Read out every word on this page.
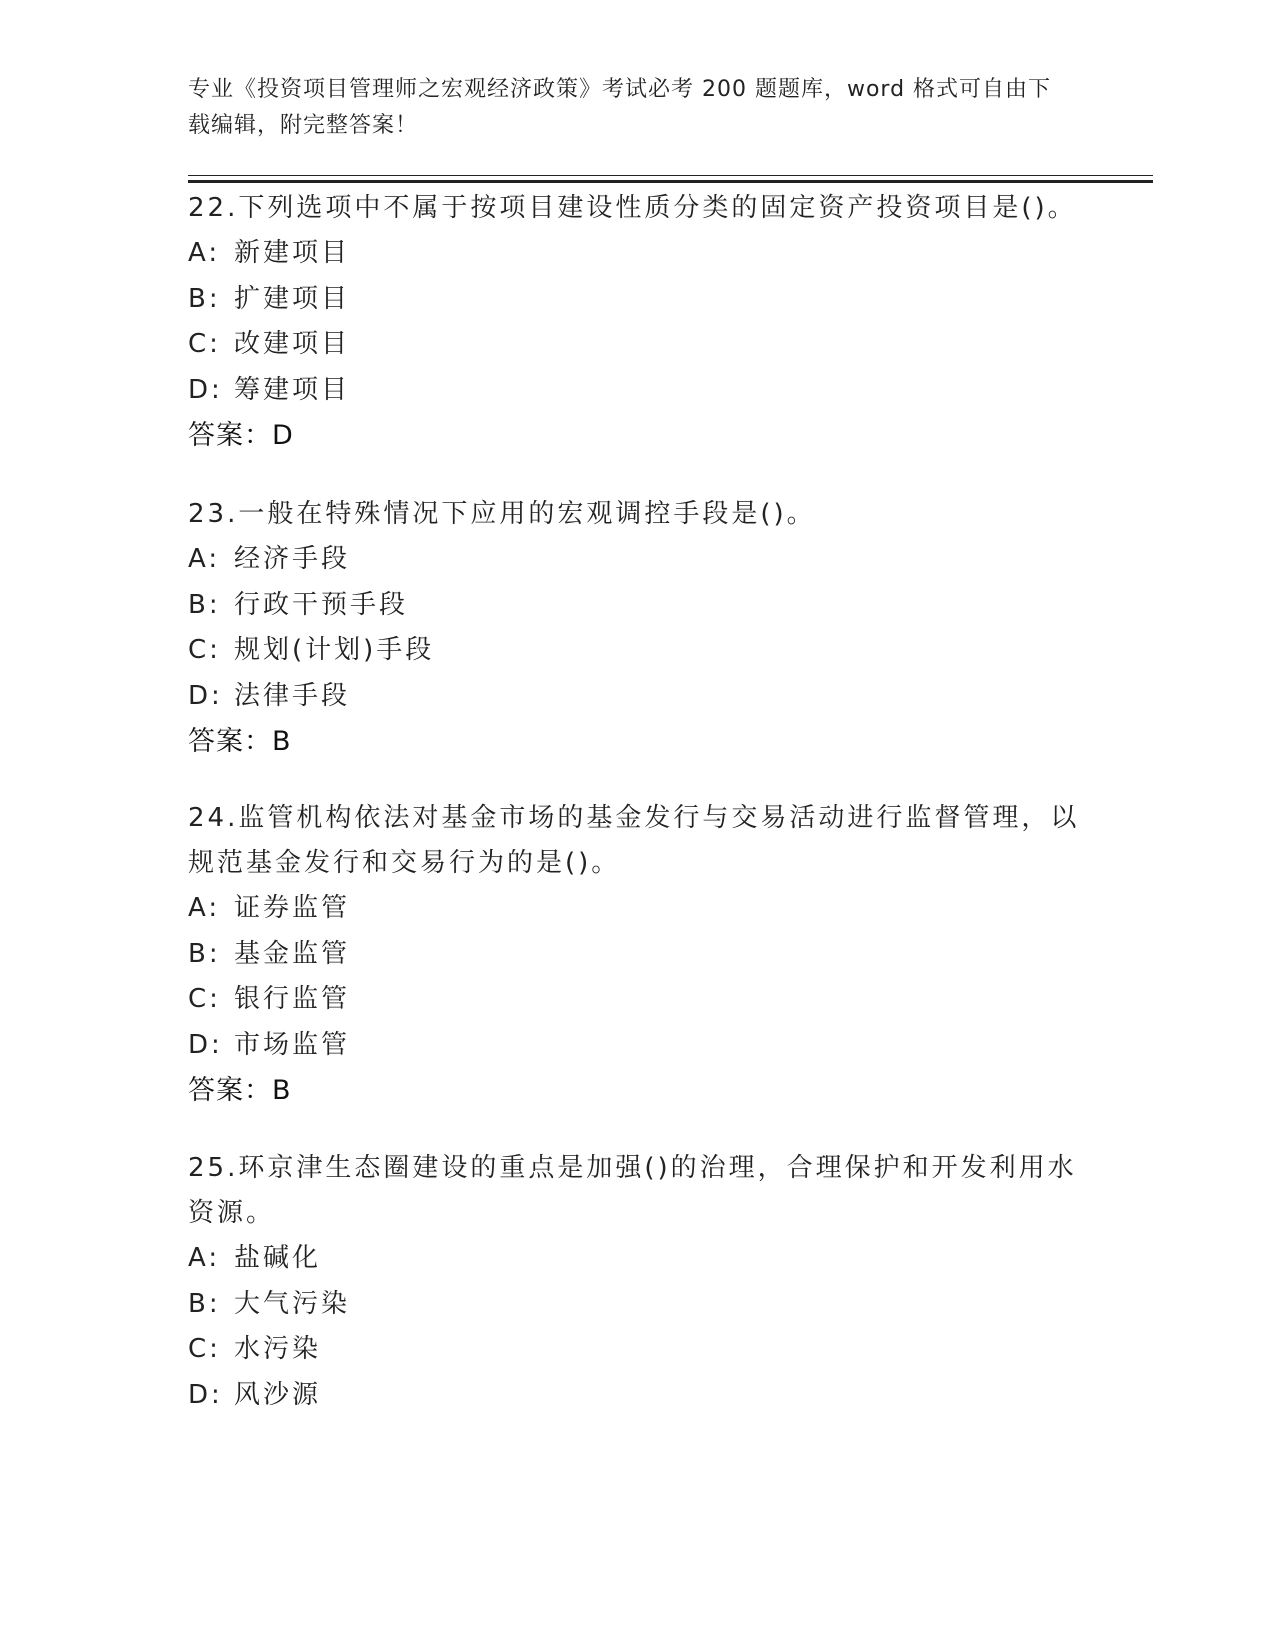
专业《投资项目管理师之宏观经济政策》考试必考 200 题题库，word 格式可自由下载编辑，附完整答案！
22.下列选项中不属于按项目建设性质分类的固定资产投资项目是()。
A: 新建项目
B: 扩建项目
C: 改建项目
D: 筹建项目
答案：D
23.一般在特殊情况下应用的宏观调控手段是()。
A: 经济手段
B: 行政干预手段
C: 规划(计划)手段
D: 法律手段
答案：B
24.监管机构依法对基金市场的基金发行与交易活动进行监督管理，以规范基金发行和交易行为的是()。
A: 证券监管
B: 基金监管
C: 银行监管
D: 市场监管
答案：B
25.环京津生态圈建设的重点是加强()的治理，合理保护和开发利用水资源。
A: 盐碱化
B: 大气污染
C: 水污染
D: 风沙源
